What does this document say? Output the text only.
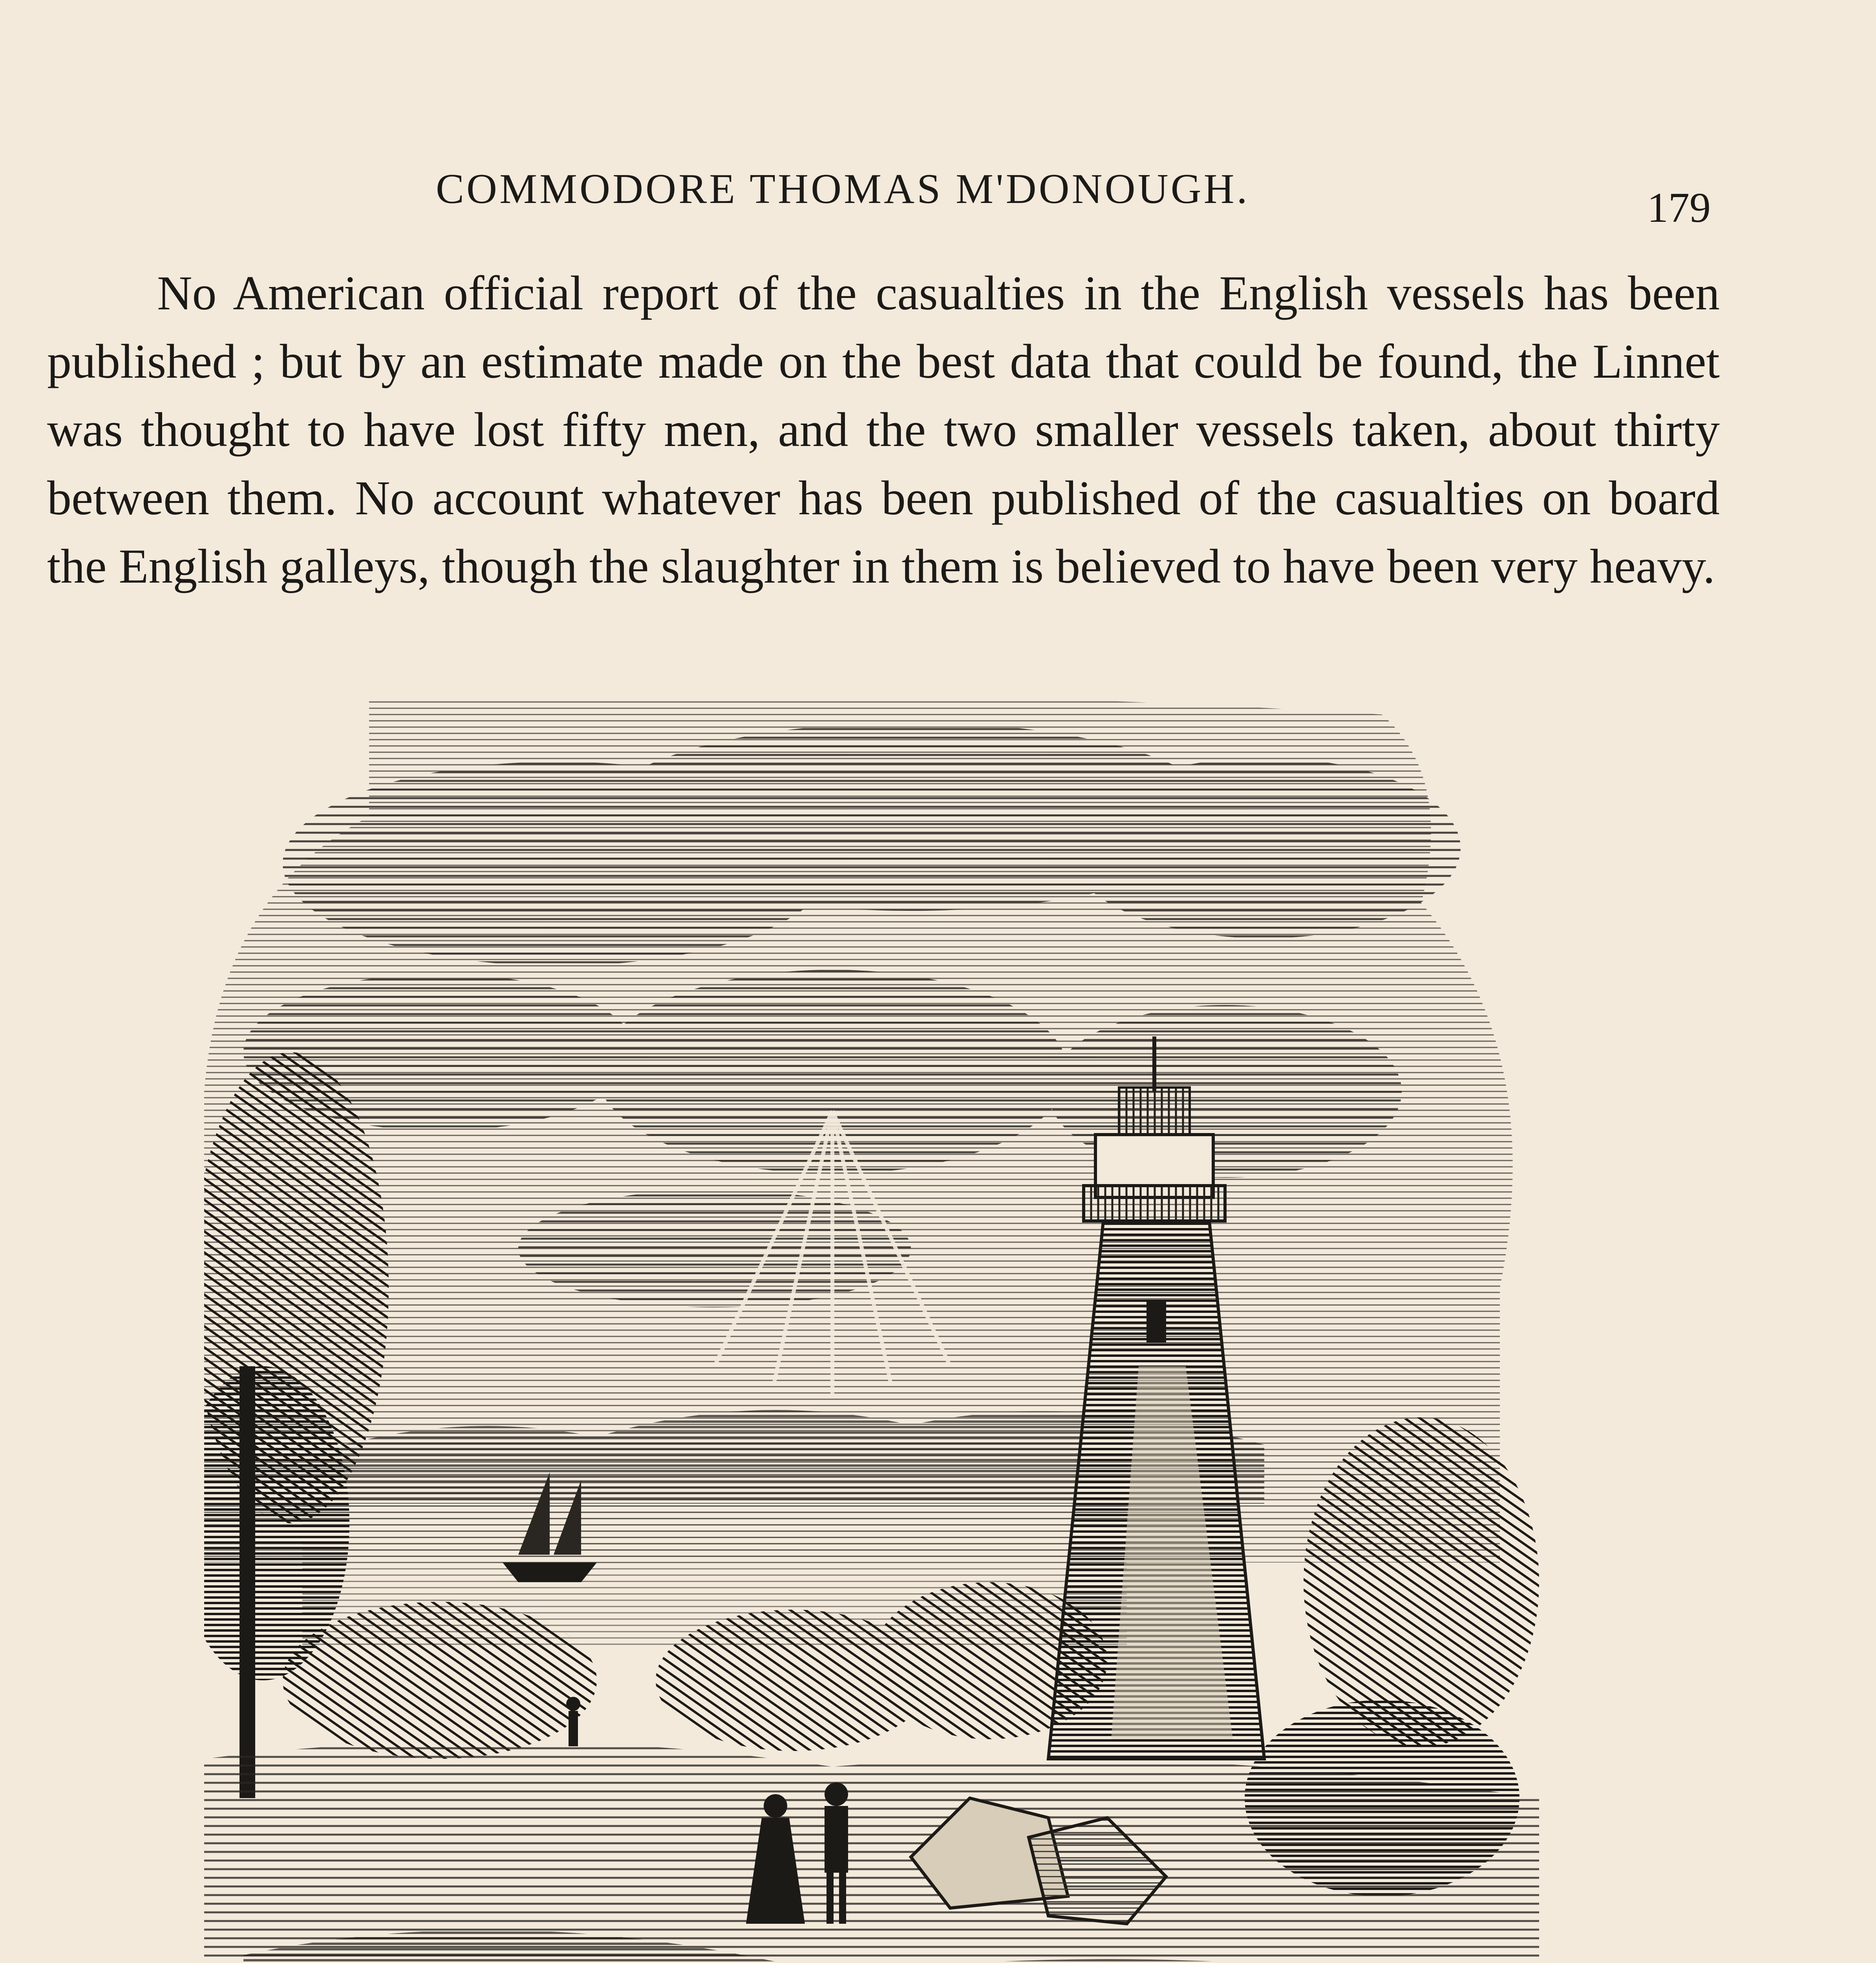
COMMODORE THOMAS M'DONOUGH.	179

No American official report of the casualties in the English vessels has been published ; but by an estimate made on the best data that could be found, the Linnet was thought to have lost fifty men, and the two smaller vessels taken, about thirty between them. No account whatever has been published of the casualties on board the English galleys, though the slaughter in them is believed to have been very heavy.
